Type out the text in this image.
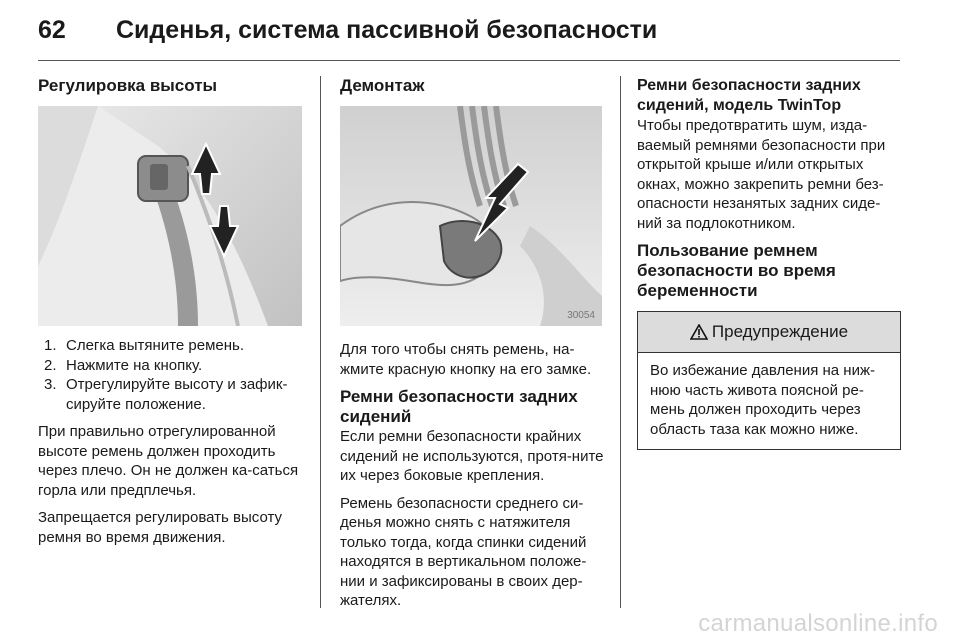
62 Сиденья, система пассивной безопасности
Регулировка высоты
1. Слегка вытяните ремень.
2. Нажмите на кнопку.
3. Отрегулируйте высоту и зафик-сируйте положение.

При правильно отрегулированной высоте ремень должен проходить через плечо. Он не должен ка-саться горла или предплечья.

Запрещается регулировать высоту ремня во время движения.

Демонтаж
30054

Для того чтобы снять ремень, на-жмите красную кнопку на его замке.

Ремни безопасности задних сидений

Если ремни безопасности крайних сидений не используются, протя-ните их через боковые крепления.

Ремень безопасности среднего си-денья можно снять с натяжителя только тогда, когда спинки сидений находятся в вертикальном положе-нии и зафиксированы в своих дер-жателях.

Ремни безопасности задних сидений, модель TwinTop

Чтобы предотвратить шум, изда-ваемый ремнями безопасности при открытой крыше и/или открытых окнах, можно закрепить ремни без-опасности незанятых задних сиде-ний за подлокотником.

Пользование ремнем безопасности во время беременности
Предупреждение
Во избежание давления на ниж-нюю часть живота поясной ре-мень должен проходить через область таза как можно ниже.
carmanualsonline.info
